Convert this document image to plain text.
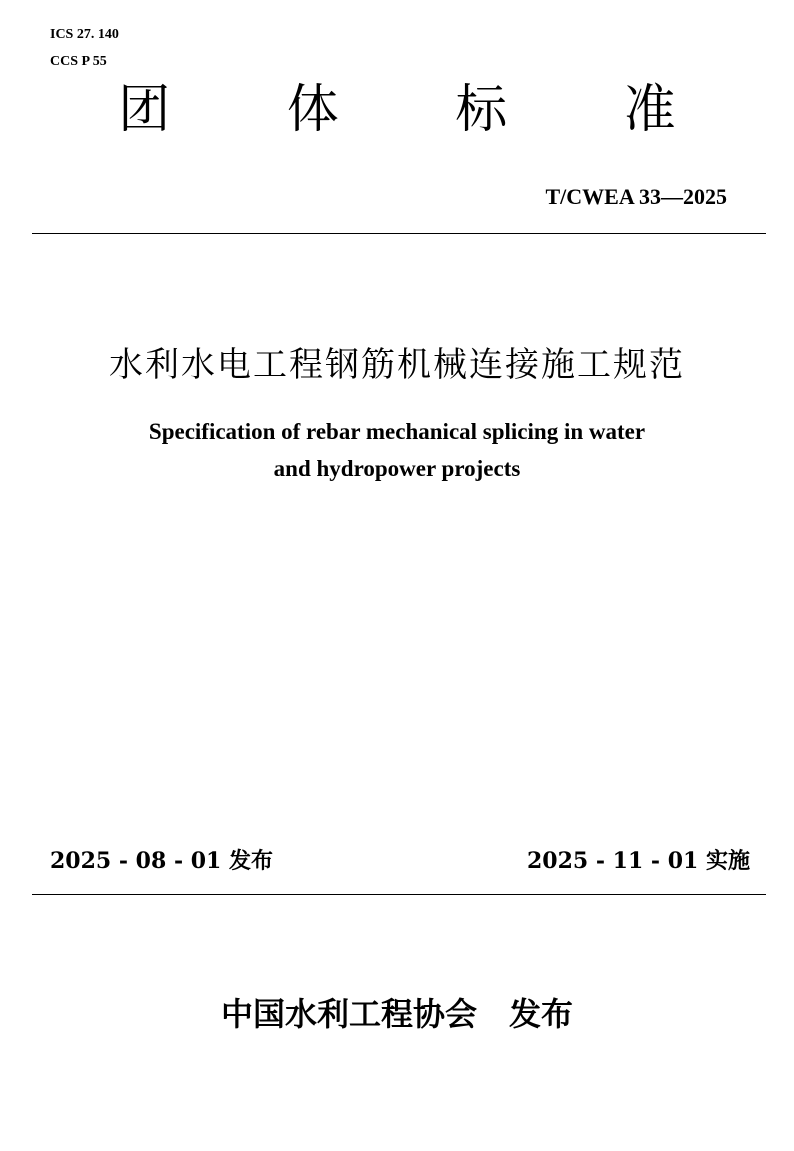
ICS 27. 140
CCS P 55
团 体 标 准
T/CWEA 33—2025
水利水电工程钢筋机械连接施工规范
Specification of rebar mechanical splicing in water
and hydropower projects
2025 - 08 - 01 发布	2025 - 11 - 01 实施
中国水利工程协会　发布
